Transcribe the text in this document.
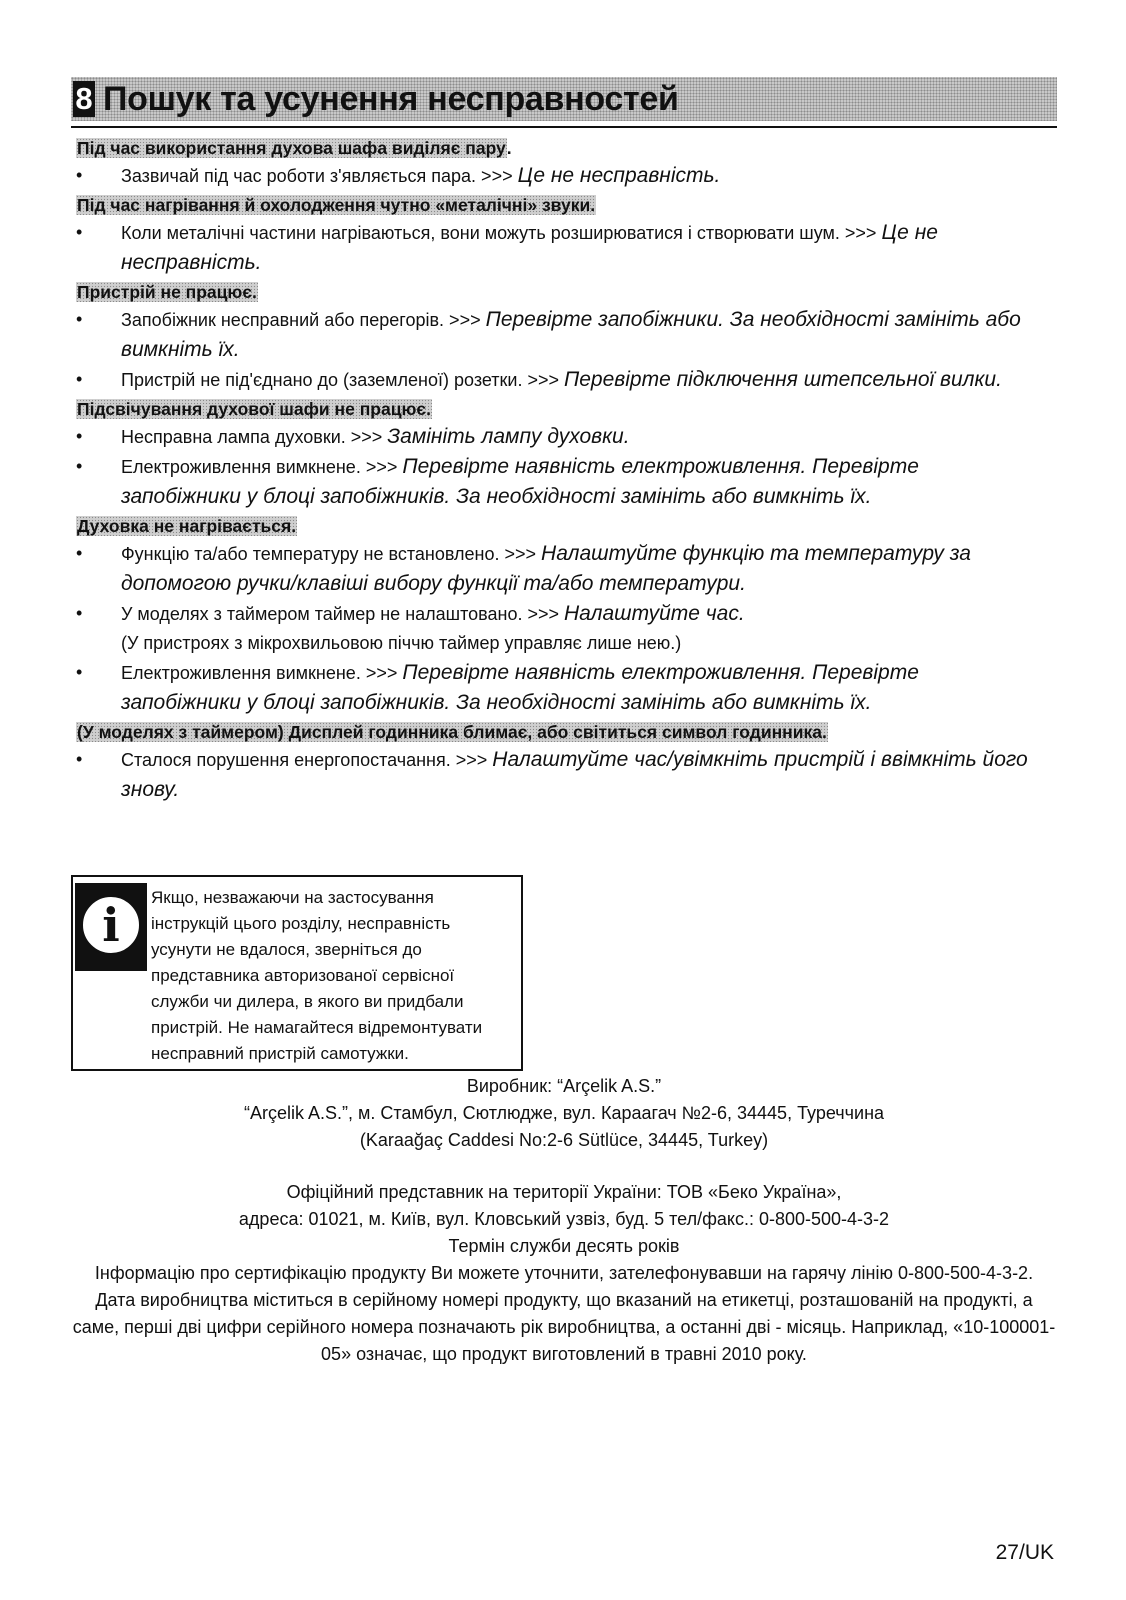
8 Пошук та усунення несправностей
Під час використання духова шафа виділяє пару.
• Зазвичай під час роботи з'являється пара. >>> Це не несправність.
Під час нагрівання й охолодження чутно «металічні» звуки.
• Коли металічні частини нагріваються, вони можуть розширюватися і створювати шум. >>> Це не несправність.
Пристрій не працює.
• Запобіжник несправний або перегорів. >>> Перевірте запобіжники. За необхідності замініть або вимкніть їх.
• Пристрій не під'єднано до (заземленої) розетки. >>> Перевірте підключення штепсельної вилки.
Підсвічування духової шафи не працює.
• Несправна лампа духовки. >>> Замініть лампу духовки.
• Електроживлення вимкнене. >>> Перевірте наявність електроживлення. Перевірте запобіжники у блоці запобіжників. За необхідності замініть або вимкніть їх.
Духовка не нагрівається.
• Функцію та/або температуру не встановлено. >>> Налаштуйте функцію та температуру за допомогою ручки/клавіші вибору функції та/або температури.
• У моделях з таймером таймер не налаштовано. >>> Налаштуйте час.
(У пристроях з мікрохвильовою піччю таймер управляє лише нею.)
• Електроживлення вимкнене. >>> Перевірте наявність електроживлення. Перевірте запобіжники у блоці запобіжників. За необхідності замініть або вимкніть їх.
(У моделях з таймером) Дисплей годинника блимає, або світиться символ годинника.
• Сталося порушення енергопостачання. >>> Налаштуйте час/увімкніть пристрій і ввімкніть його знову.
i
Якщо, незважаючи на застосування інструкцій цього розділу, несправність усунути не вдалося, зверніться до представника авторизованої сервісної служби чи дилера, в якого ви придбали пристрій. Не намагайтеся відремонтувати несправний пристрій самотужки.
Виробник: “Arçelik A.S.”
“Arçelik A.S.”, м. Стамбул, Сютлюдже, вул. Караагач №2-6, 34445, Туреччина
(Karaağaç Caddesi No:2-6 Sütlüce, 34445, Turkey)
Офіційний представник на території України: ТОВ «Беко Україна»,
адреса: 01021, м. Київ, вул. Кловський узвіз, буд. 5 тел/факс.: 0-800-500-4-3-2
Термін служби десять років
Інформацію про сертифікацію продукту Ви можете уточнити, зателефонувавши на гарячу лінію 0-800-500-4-3-2.
Дата виробництва міститься в серійному номері продукту, що вказаний на етикетці, розташованій на продукті, а саме, перші дві цифри серійного номера позначають рік виробництва, а останні дві - місяць. Наприклад, «10-100001-05» означає, що продукт виготовлений в травні 2010 року.
27/UK
